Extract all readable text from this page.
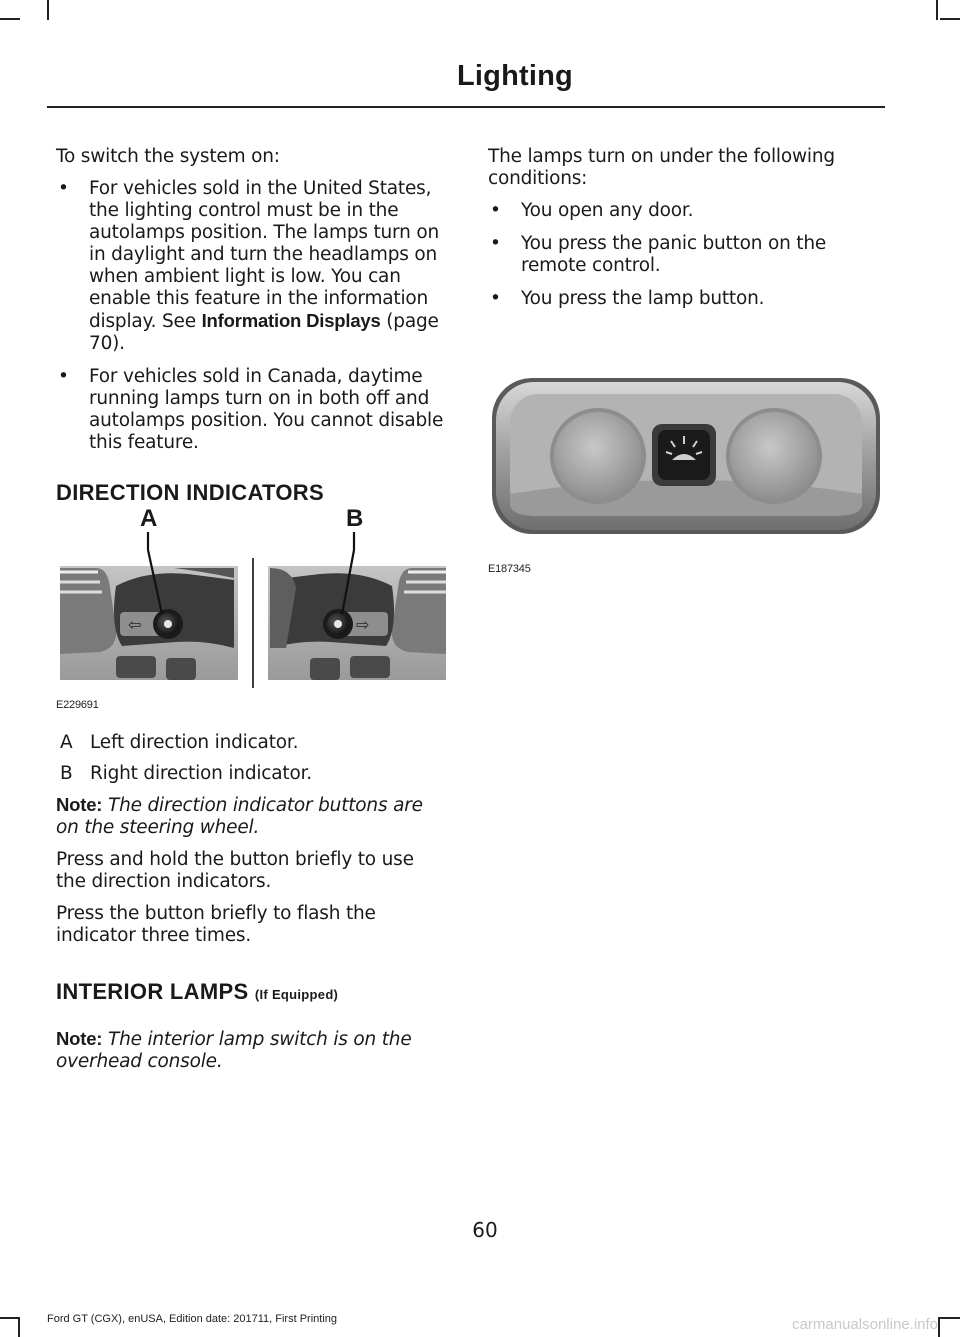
Lighting

To switch the system on:

• For vehicles sold in the United States, the lighting control must be in the autolamps position. The lamps turn on in daylight and turn the headlamps on when ambient light is low. You can enable this feature in the information display. See Information Displays (page 70).
• For vehicles sold in Canada, daytime running lamps turn on in both off and autolamps position. You cannot disable this feature.
DIRECTION INDICATORS
⇦	⇨
A	B
E229691
A Left direction indicator.
B Right direction indicator.

Note: The direction indicator buttons are on the steering wheel.

Press and hold the button briefly to use the direction indicators.

Press the button briefly to flash the indicator three times.

INTERIOR LAMPS (If Equipped)

Note: The interior lamp switch is on the overhead console.

The lamps turn on under the following conditions:

• You open any door.
• You press the panic button on the remote control.
• You press the lamp button.
E187345
60
Ford GT (CGX), enUSA, Edition date: 201711, First Printing	carmanualsonline.info
